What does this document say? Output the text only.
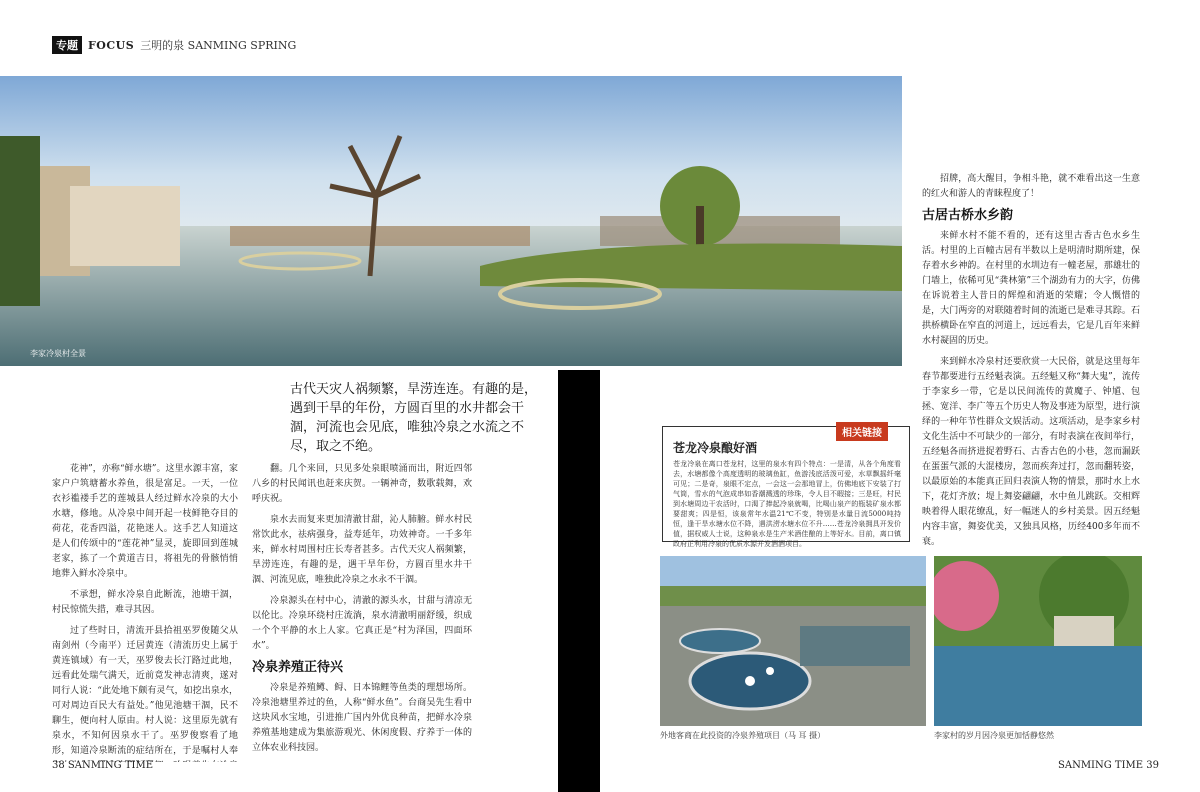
专题 FOCUS 三明的泉 SANMING SPRING
李家冷泉村全景
古代天灾人祸频繁，旱涝连连。有趣的是，遇到干旱的年份，方圆百里的水井都会干涸，河流也会见底，唯独冷泉之水流之不尽，取之不绝。

花神”，亦称“鲜水塘”。这里水源丰富，家家户户筑塘蓄水养鱼，很是富足。一天，一位衣衫褴褛手艺的莲城县人经过鲜水冷泉的大小水塘，修地。从冷泉中间开起一枝鲜艳夺目的荷花，花香四溢，花艳迷人。这手艺人知道这是人们传颂中的“莲花神”显灵，旋即回到莲城老家，拣了一个黄道吉日，将祖先的骨骸悄悄地葬入鲜水冷泉中。

不承想，鲜水冷泉自此断流，池塘干涸，村民惊慌失措，难寻其因。

过了些时日，清流开县拾祖巫罗俊随父从南剑州（今南平）迁居黄连（清流历史上属于黄连镇域）有一天，巫罗俊去长汀路过此地，远看此处瑞气满天，近前竟发神志清爽，遂对同行人说：“此处地下颇有灵气，如挖出泉水，可对周边百民大有益处。”他见池塘干涸，民不聊生，便向村人原由。村人说：这里原先就有泉水，不知何因泉水干了。巫罗俊察看了地形，知道冷泉断流的症结所在，于是嘱村人奉

翻。几个来回，只见多处泉眼喷涌而出，附近四邻八乡的村民闻讯也赶来庆贺。一辆神奇，数歌载舞，欢呼庆祝。

泉水去而复来更加清澈甘甜，沁人肺腑。鲜水村民常饮此水，祛病强身，益寿延年，功效神奇。一千多年来，鲜水村周围村庄长寿者甚多。古代天灾人祸频繁，旱涝连连，有趣的是，遇干旱年份，方圆百里水井干涸、河流见底，唯独此冷泉之水永不干涸。

冷泉源头在村中心，清澈的源头水，甘甜与清凉无以伦比。冷泉环绕村庄流淌，泉水清澈明丽舒缓，织成一个个平静的水上人家。它真正是“村为泽国，四面环水”。

冷泉养殖正待兴

冷泉是养殖鳟、鲟、日本锦鲤等鱼类的理想场所。冷泉池塘里养过的鱼，人称“鲜水鱼”。台商吴先生看中这块风水宝地，引进推广国内外优良种苗，把鲜水冷泉养殖基地建成为集旅游观光、休闲度假、疗养于一体的立体农业科技园。

招牌，高大醒目，争相斗艳，就不难看出这一生意的红火和游人的青睐程度了！

古居古桥水乡韵

来鲜水村不能不看的，还有这里古香古色水乡生活。村里的上百幢古居有半数以上是明清时期所建，保存着水乡神韵。在村里的水圳边有一幢老屋，那雄壮的门墙上，依稀可见“龚林第”三个湖劲有力的大字，仿佛在诉说着主人昔日的辉煌和消逝的荣耀；令人慨惜的是，大门两旁的对联随着时间的流逝已是难寻其踪。石拱桥横卧在窄直的河道上，远远看去，它是几百年来鲜水村凝固的历史。

来到鲜水冷泉村还要欣赏一大民俗，就是这里每年春节都要进行五经魁表演。五经魁又称“舞大鬼”，流传于李家乡一带，它是以民间流传的黄魔子、钟馗、包拯、宽洋、李广等五个历史人物及事迹为原型，进行演绎的一种年节性群众文娱活动。这项活动，是李家乡村文化生活中不可缺少的一部分，有时表演在夜间举行，五经魁各而挤进捉着野石、古香古色的小巷，忽而漏跃在蛋蛋气派的大混楼房，忽而疾奔过打，忽而翻转姿，以最原始的本能真正回归表演人物的情景，那时水上水下，花灯齐放；堤上舞姿翩翩，水中鱼儿跳跃。交相辉映着得人眼花缭乱，好一幅迷人的乡村美景。因五经魁内容丰富，舞姿优美，又独具风格，历经400多年而不衰。

苍龙冷泉酿好酒
苍龙冷泉在离口苍龙村，这里的泉水有四个特点：一是清，从各个角度看去，水塘都像个高度透明的玻璃鱼缸，鱼游浅底活泼可爱，水草飘摇纤毫可见；二是奇，泉眼不定点，一会这一会那地冒上，仿佛地底下安装了打气筒，雪水的气泡成串如香潮溅透的珍珠，令人目不暇接；三是旺，村民到水塘周边干农活时，口渴了捧起冷泉就喝，比喝山泉产的瓶装矿泉水都要甜爽；四是恒，该泉常年水温21℃不变，特别是水量日流5000吨持恒，逢干旱水塘水位不降，遇洪涝水塘水位不升……苍龙冷泉拥具开发价值，据权威人士说，这种泉水是生产米酒佳酿的上等好水。目前，离口镇政府正利用冷泉的优质水源开发酒酒项目。
相关链接
外地客商在此投资的冷泉养殖项目（马 耳 摄）	李家村的岁月因冷泉更加恬静悠然
38 SANMING TIME	SANMING TIME 39
